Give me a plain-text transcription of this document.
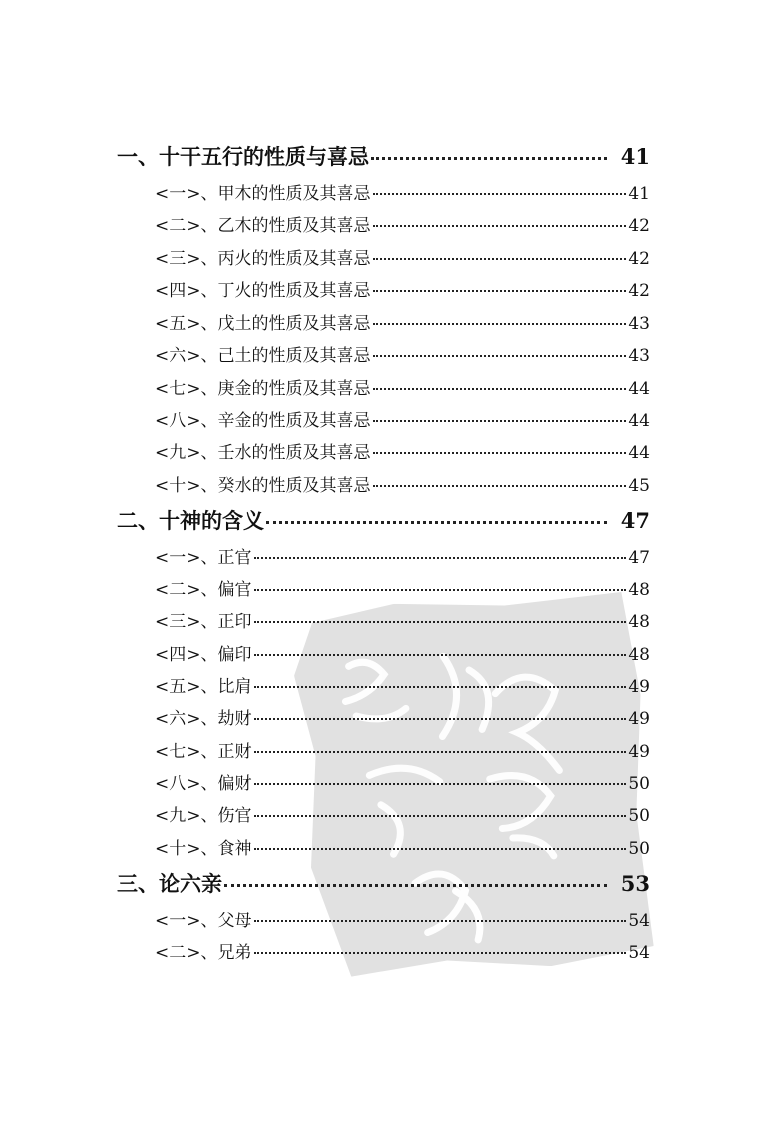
一、十干五行的性质与喜忌	41
<一>、甲木的性质及其喜忌	41
<二>、乙木的性质及其喜忌	42
<三>、丙火的性质及其喜忌	42
<四>、丁火的性质及其喜忌	42
<五>、戊土的性质及其喜忌	43
<六>、己土的性质及其喜忌	43
<七>、庚金的性质及其喜忌	44
<八>、辛金的性质及其喜忌	44
<九>、壬水的性质及其喜忌	44
<十>、癸水的性质及其喜忌	45
二、十神的含义	47
<一>、正官	47
<二>、偏官	48
<三>、正印	48
<四>、偏印	48
<五>、比肩	49
<六>、劫财	49
<七>、正财	49
<八>、偏财	50
<九>、伤官	50
<十>、食神	50
三、论六亲	53
<一>、父母	54
<二>、兄弟	54
